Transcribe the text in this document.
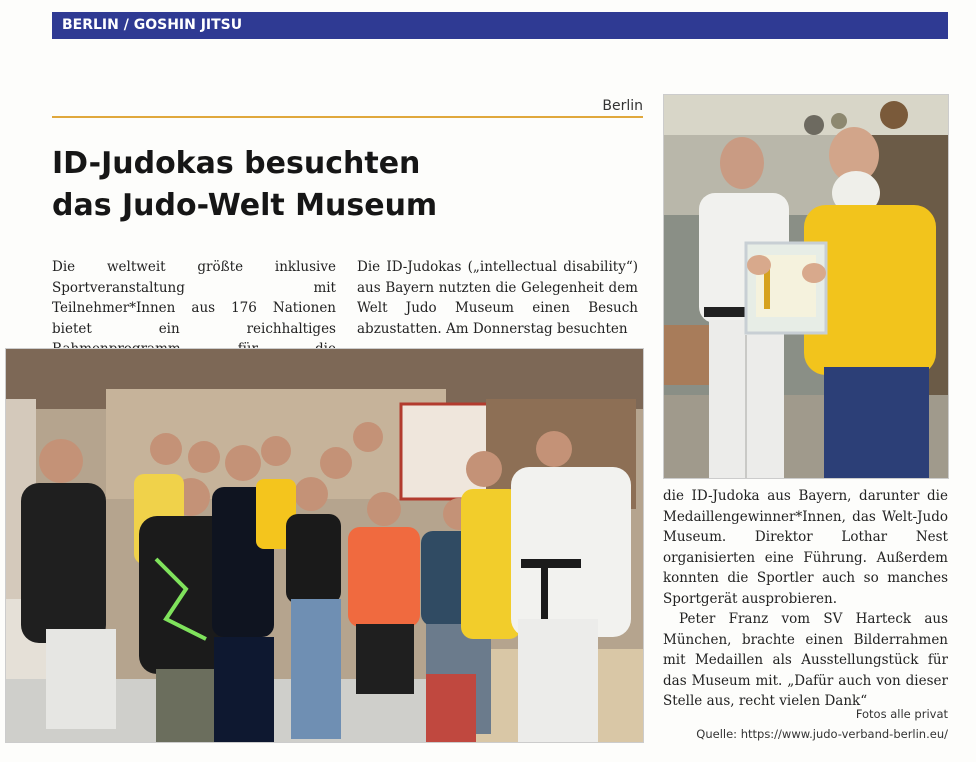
BERLIN / GOSHIN JITSU
Berlin
ID-Judokas besuchten
das Judo-Welt Museum

Die weltweit größte inklusive Sportveranstaltung mit Teilnehmer*Innen aus 176 Nationen bietet ein reichhaltiges

Die ID-Judokas („intellectual disability“) aus Bayern nutzten die Gelegenheit dem Welt Judo Museum einen Besuch abzustatten. Am Donnerstag besuchten

die ID-Judoka aus Bayern, darunter die Medaillengewinner*Innen, das Welt-Judo Museum. Direktor Lothar Nest organisierten eine Führung. Außerdem konnten die Sportler auch so manches Sportgerät ausprobieren.

Peter Franz vom SV Harteck aus München, brachte einen Bilderrahmen mit Medaillen als Ausstellungstück für das Museum mit. „Dafür auch von dieser Stelle aus, recht vielen Dank“

Fotos alle privat
Quelle: https://www.judo-verband-berlin.eu/
